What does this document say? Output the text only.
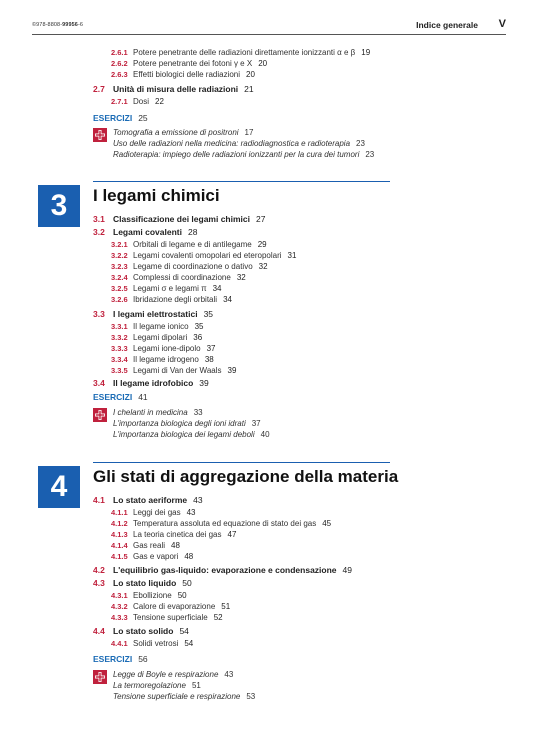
©978-8808-99956-6	Indice generale V
2.6.1 Potere penetrante delle radiazioni direttamente ionizzanti α e β 19
2.6.2 Potere penetrante dei fotoni γ e X 20
2.6.3 Effetti biologici delle radiazioni 20
2.7 Unità di misura delle radiazioni 21
2.7.1 Dosi 22
ESERCIZI 25
Tomografia a emissione di positroni 17
Uso delle radiazioni nella medicina: radiodiagnostica e radioterapia 23
Radioterapia: impiego delle radiazioni ionizzanti per la cura dei tumori 23
3	I legami chimici
3.1 Classificazione dei legami chimici 27
3.2 Legami covalenti 28
3.2.1 Orbitali di legame e di antilegame 29
3.2.2 Legami covalenti omopolari ed eteropolari 31
3.2.3 Legame di coordinazione o dativo 32
3.2.4 Complessi di coordinazione 32
3.2.5 Legami σ e legami π 34
3.2.6 Ibridazione degli orbitali 34
3.3 I legami elettrostatici 35
3.3.1 Il legame ionico 35
3.3.2 Legami dipolari 36
3.3.3 Legami ione-dipolo 37
3.3.4 Il legame idrogeno 38
3.3.5 Legami di Van der Waals 39
3.4 Il legame idrofobico 39
ESERCIZI 41
I chelanti in medicina 33
L'importanza biologica degli ioni idrati 37
L'importanza biologica dei legami deboli 40
4	Gli stati di aggregazione della materia
4.1 Lo stato aeriforme 43
4.1.1 Leggi dei gas 43
4.1.2 Temperatura assoluta ed equazione di stato dei gas 45
4.1.3 La teoria cinetica dei gas 47
4.1.4 Gas reali 48
4.1.5 Gas e vapori 48
4.2 L'equilibrio gas-liquido: evaporazione e condensazione 49
4.3 Lo stato liquido 50
4.3.1 Ebollizione 50
4.3.2 Calore di evaporazione 51
4.3.3 Tensione superficiale 52
4.4 Lo stato solido 54
4.4.1 Solidi vetrosi 54
ESERCIZI 56
Legge di Boyle e respirazione 43
La termoregolazione 51
Tensione superficiale e respirazione 53
